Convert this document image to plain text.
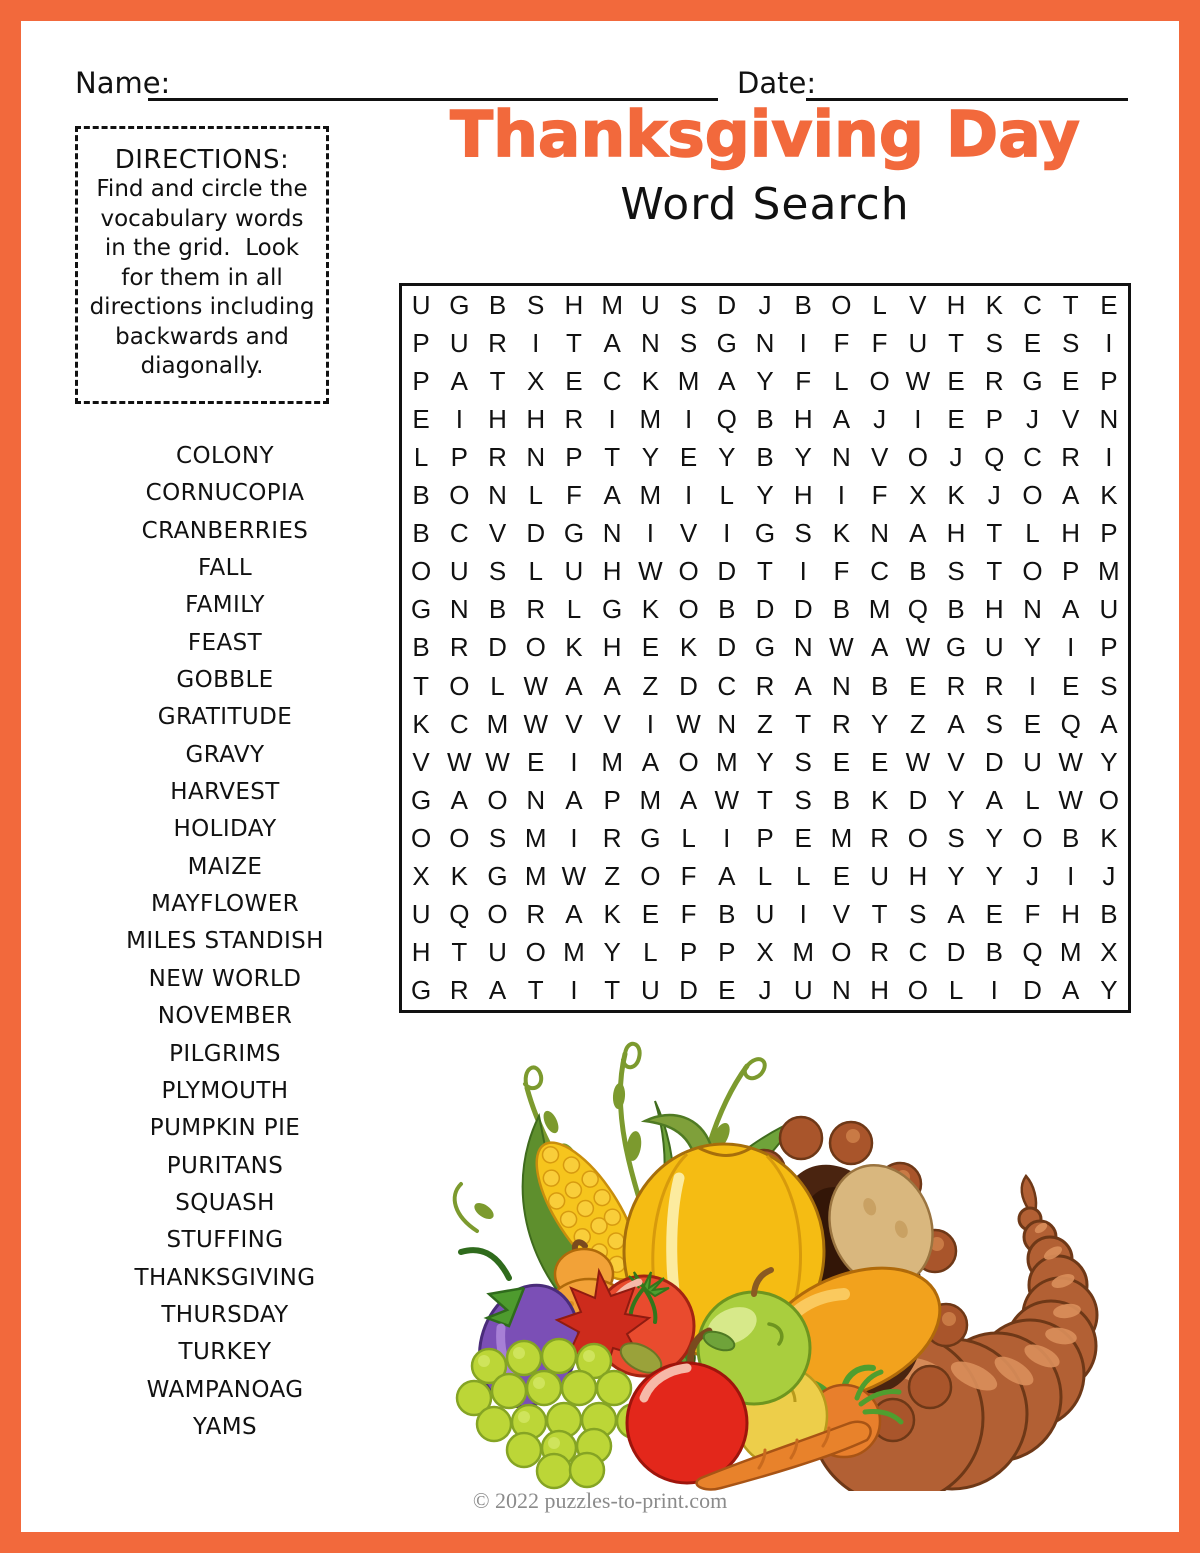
Name:	Date:
Thanksgiving Day
Word Search
DIRECTIONS:
Find and circle the
vocabulary words
in the grid.  Look
for them in all
directions including
backwards and
diagonally.
COLONY
CORNUCOPIA
CRANBERRIES
FALL
FAMILY
FEAST
GOBBLE
GRATITUDE
GRAVY
HARVEST
HOLIDAY
MAIZE
MAYFLOWER
MILES STANDISH
NEW WORLD
NOVEMBER
PILGRIMS
PLYMOUTH
PUMPKIN PIE
PURITANS
SQUASH
STUFFING
THANKSGIVING
THURSDAY
TURKEY
WAMPANOAG
YAMS
U G B S H M U S D J B O L V H K C T E
P U R I	T A N S G N I	F F U T S E S I
P A T X E C K M A Y F L O W E R G E P
E I H H R I M I Q B H A J	I E P J V N
L P R N P T Y E Y B Y N V O J Q C R I
B O N L F A M I	L Y H I	F X K J O A K
B C V D G N I V I G S K N A H T L H P
O U S L U H W O D T	I	F C B S T O P M
G N B R L G K O B D D B M Q B H N A U
B R D O K H E K D G N W A W G U Y I P
T O L W A A Z D C R A N B E R R I E S
K C M W V V I W N Z T R Y Z A S E Q A
V W W E I M A O M Y S E E W V D U W Y
G A O N A P M A W T S B K D Y A L W O
O O S M I R G L	I P E M R O S Y O B K
X K G M W Z O F A L L E U H Y Y J	I	J
U Q O R A K E F B U I V T S A E F H B
H T U O M Y L P P X M O R C D B Q M X
G R A T	I	T U D E J U N H O L	I D A Y
© 2022 puzzles-to-print.com
